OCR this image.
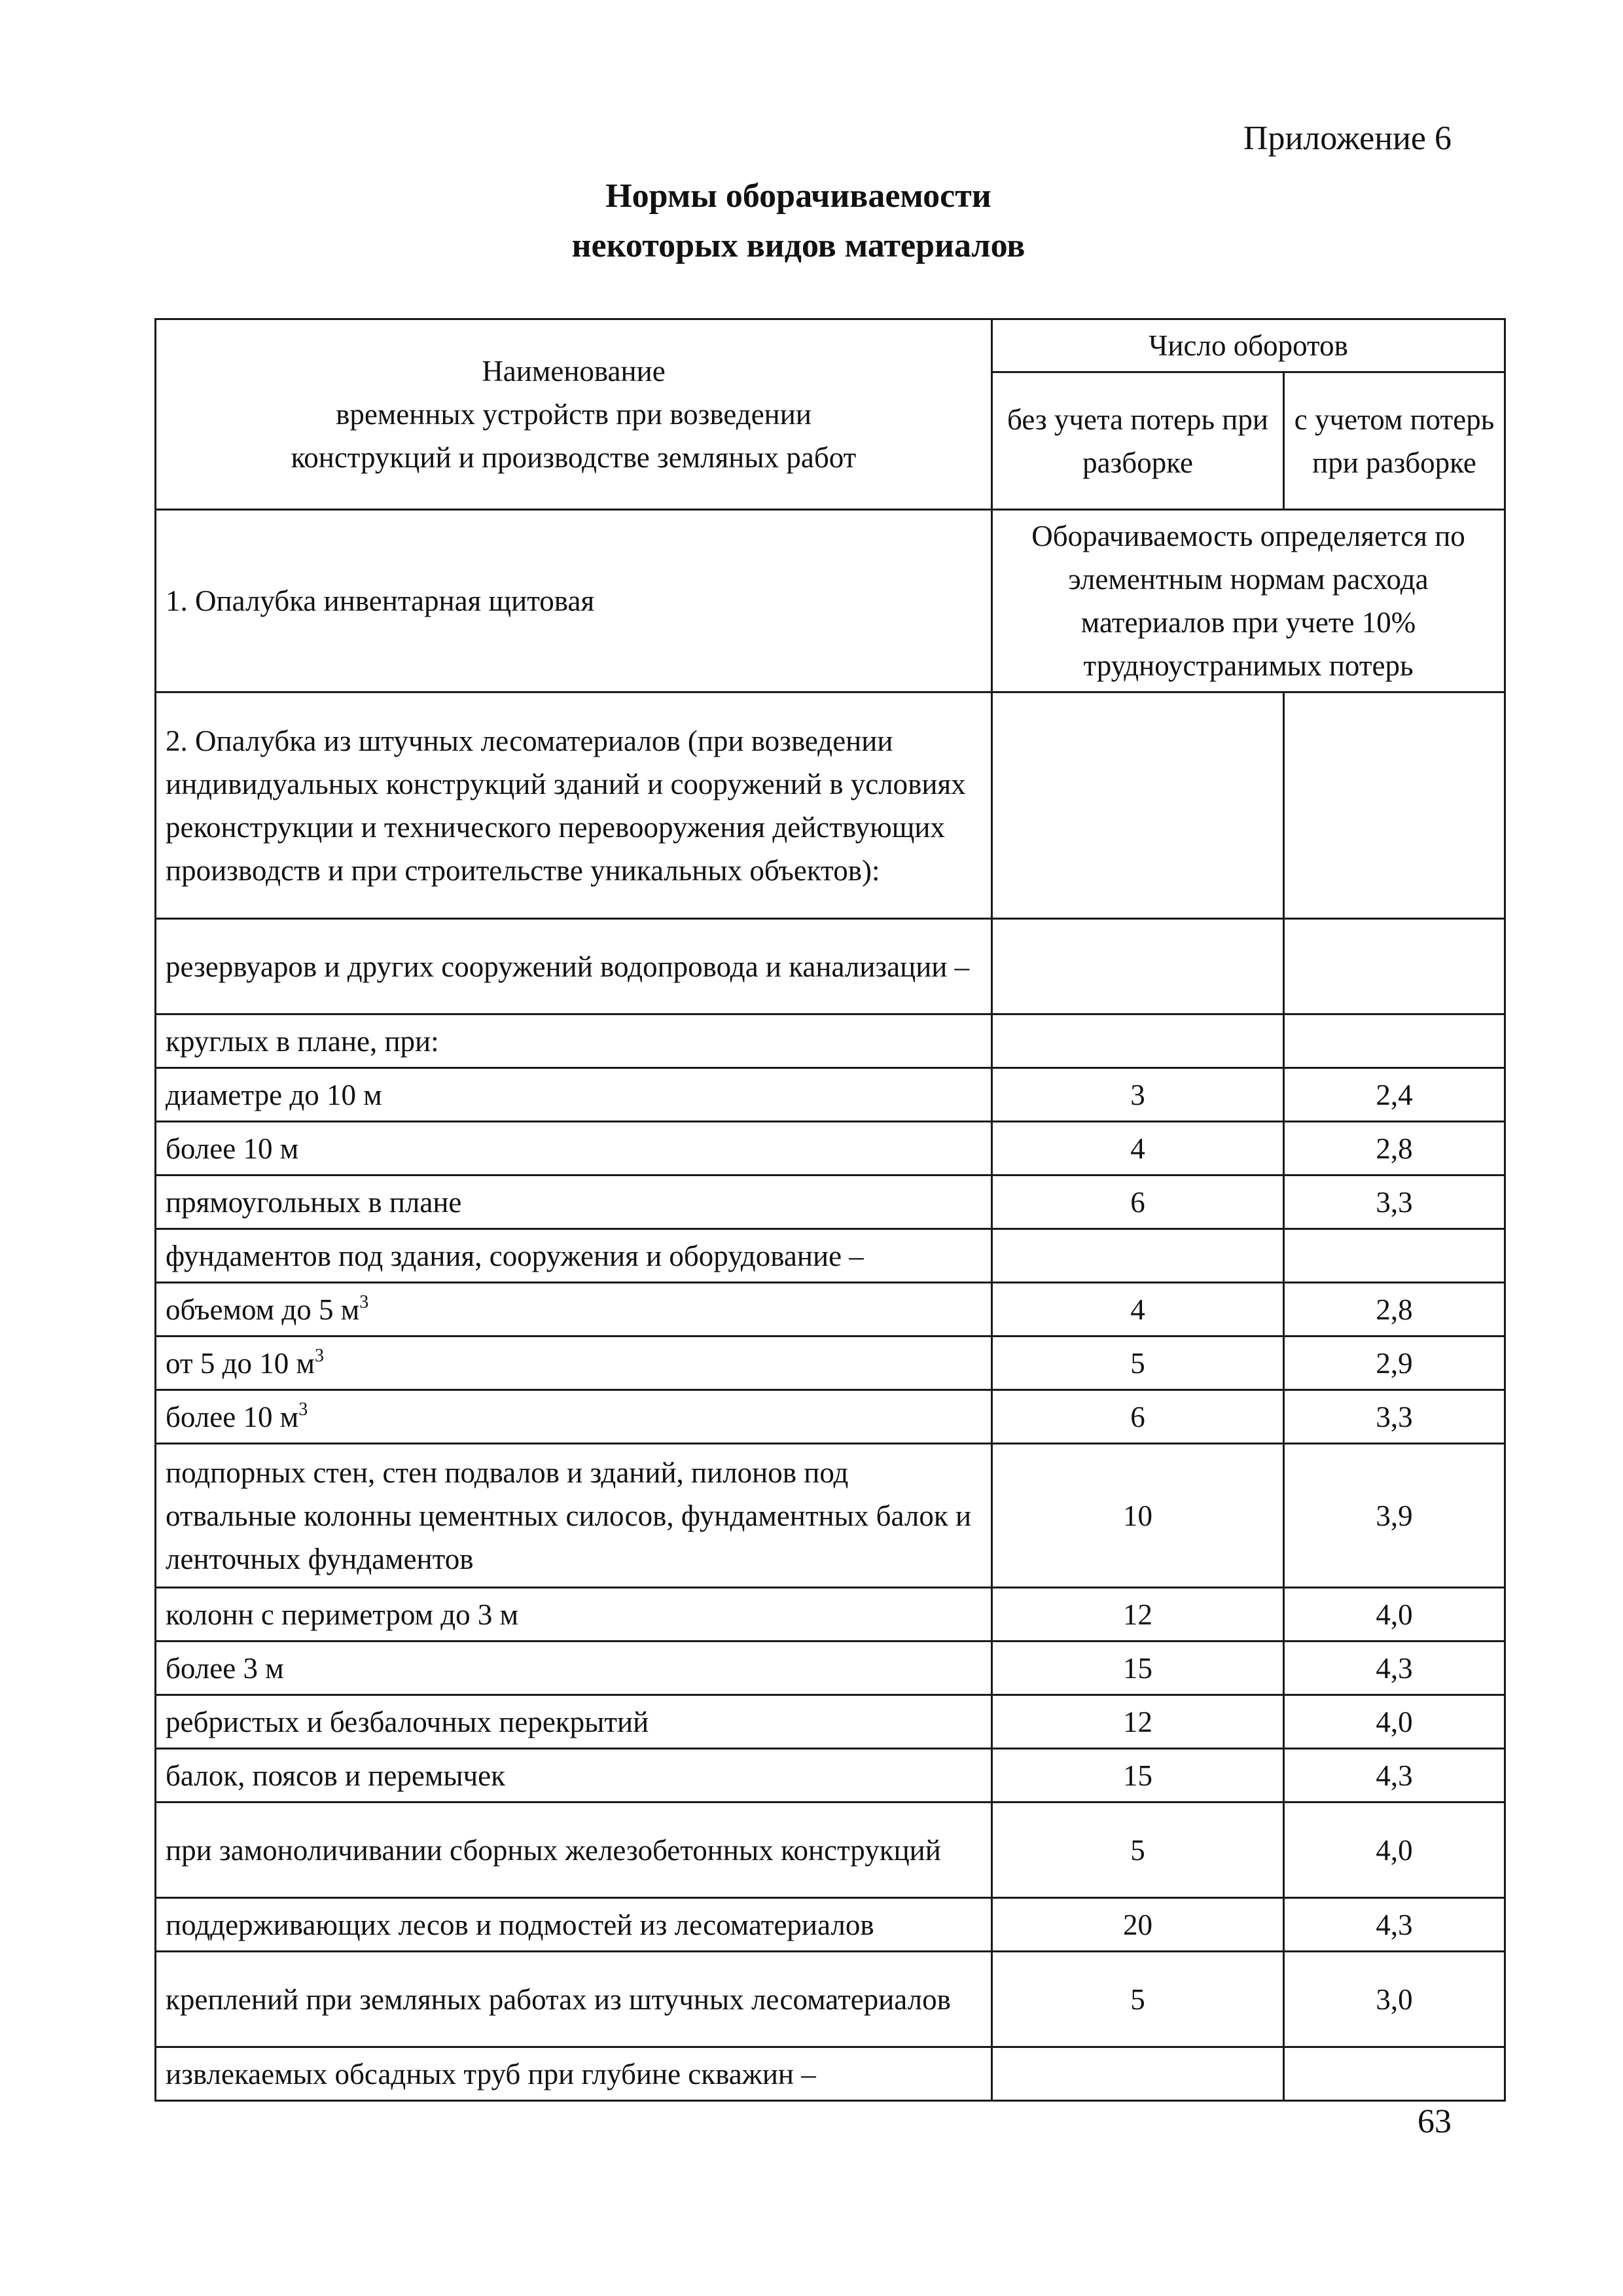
Приложение 6
Нормы оборачиваемости
некоторых видов материалов
Наименование
временных устройств при возведении
конструкций и производстве земляных работ	Число оборотов	
	без учета потерь при разборке	с учетом потерь при разборке
1. Опалубка инвентарная щитовая	Оборачиваемость определяется по элементным нормам расхода материалов при учете 10% трудноустранимых потерь	
2. Опалубка из штучных лесоматериалов (при возведении индивидуальных конструкций зданий и сооружений в условиях реконструкции и технического перевооружения действующих производств и при строительстве уникальных объектов):		
резервуаров и других сооружений водопровода и канализации –		
круглых в плане, при:		
диаметре до 10 м	3	2,4
более 10 м	4	2,8
прямоугольных в плане	6	3,3
фундаментов под здания, сооружения и оборудование –		
объемом до 5 $м^3$	4	2,8
от 5 до 10 $м^3$	5	2,9
более 10 $м^3$	6	3,3
подпорных стен, стен подвалов и зданий, пилонов под отвальные колонны цементных силосов, фундаментных балок и ленточных фундаментов	10	3,9
колонн с периметром до 3 м	12	4,0
более 3 м	15	4,3
ребристых и безбалочных перекрытий	12	4,0
балок, поясов и перемычек	15	4,3
при замоноличивании сборных железобетонных конструкций	5	4,0
поддерживающих лесов и подмостей из лесоматериалов	20	4,3
креплений при земляных работах из штучных лесоматериалов	5	3,0
извлекаемых обсадных труб при глубине скважин –		
63
